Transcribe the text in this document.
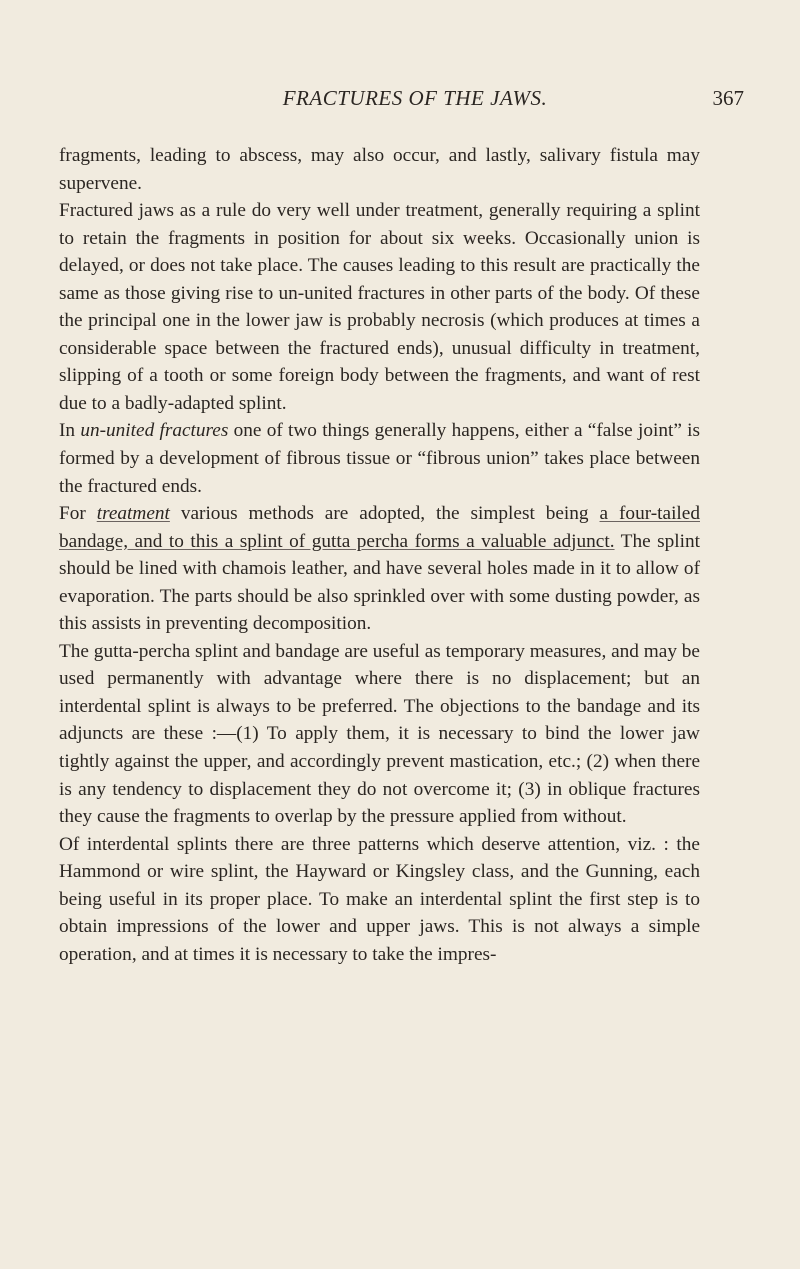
FRACTURES OF THE JAWS.	367

fragments, leading to abscess, may also occur, and lastly, salivary fistula may supervene.

Fractured jaws as a rule do very well under treatment, generally requiring a splint to retain the fragments in position for about six weeks. Occasionally union is delayed, or does not take place. The causes leading to this result are practically the same as those giving rise to un-united fractures in other parts of the body. Of these the principal one in the lower jaw is probably necrosis (which produces at times a considerable space between the fractured ends), unusual difficulty in treatment, slipping of a tooth or some foreign body between the fragments, and want of rest due to a badly-adapted splint.

In un-united fractures one of two things generally happens, either a “false joint” is formed by a development of fibrous tissue or “fibrous union” takes place between the fractured ends.

For treatment various methods are adopted, the simplest being a four-tailed bandage, and to this a splint of gutta percha forms a valuable adjunct. The splint should be lined with chamois leather, and have several holes made in it to allow of evaporation. The parts should be also sprinkled over with some dusting powder, as this assists in preventing decomposition.

The gutta-percha splint and bandage are useful as temporary measures, and may be used permanently with advantage where there is no displacement; but an interdental splint is always to be preferred. The objections to the bandage and its adjuncts are these :—(1) To apply them, it is necessary to bind the lower jaw tightly against the upper, and accordingly prevent mastication, etc.; (2) when there is any tendency to displacement they do not overcome it; (3) in oblique fractures they cause the fragments to overlap by the pressure applied from without.

Of interdental splints there are three patterns which deserve attention, viz. : the Hammond or wire splint, the Hayward or Kingsley class, and the Gunning, each being useful in its proper place. To make an interdental splint the first step is to obtain impressions of the lower and upper jaws. This is not always a simple operation, and at times it is necessary to take the impres-
